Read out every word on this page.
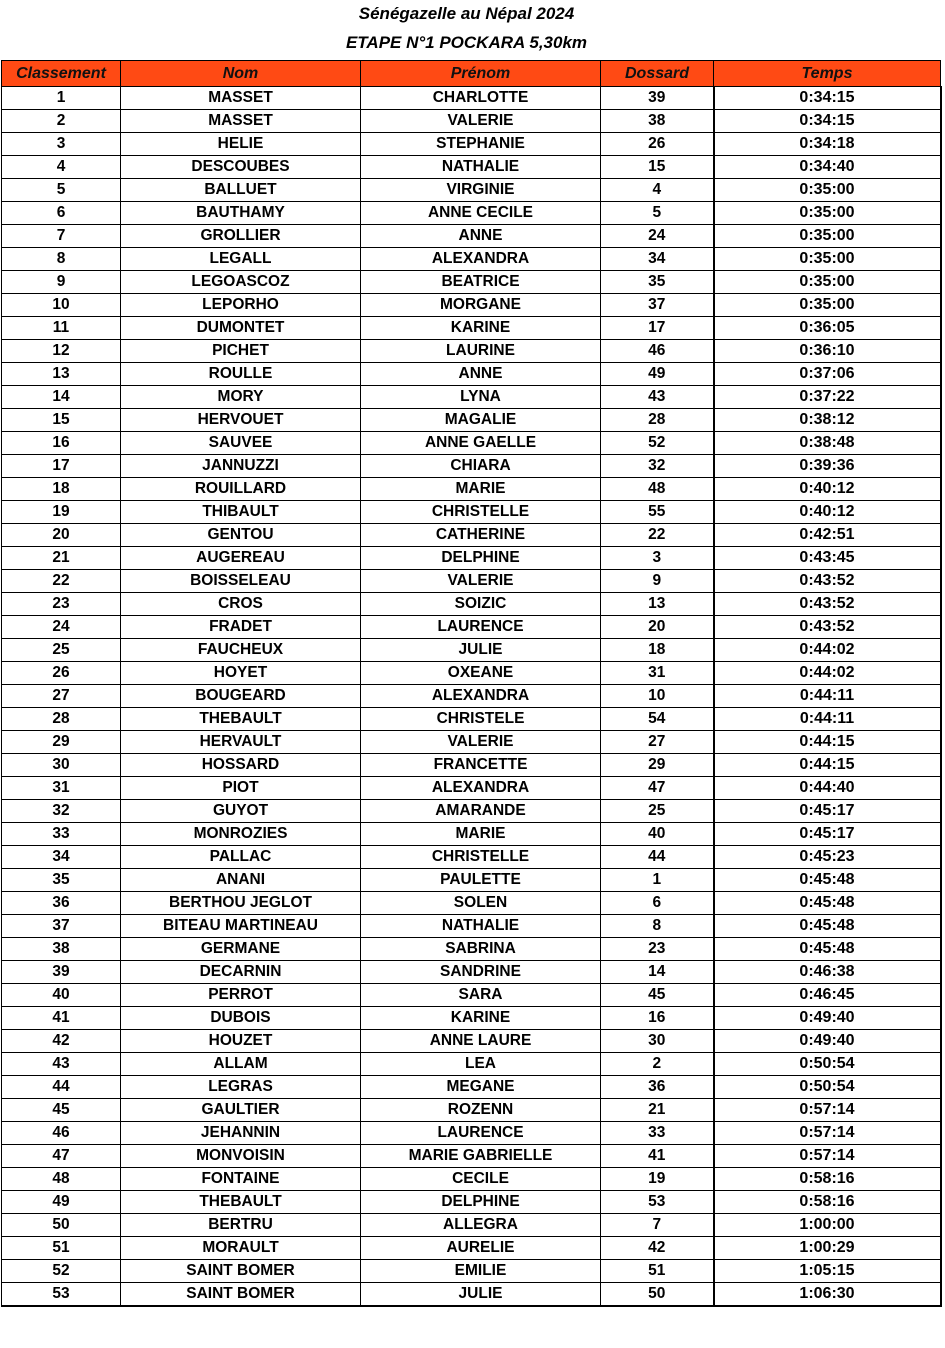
Sénégazelle au Népal 2024
ETAPE N°1 POCKARA 5,30km
Classement	Nom	Prénom	Dossard	Temps
1	MASSET	CHARLOTTE	39	0:34:15
2	MASSET	VALERIE	38	0:34:15
3	HELIE	STEPHANIE	26	0:34:18
4	DESCOUBES	NATHALIE	15	0:34:40
5	BALLUET	VIRGINIE	4	0:35:00
6	BAUTHAMY	ANNE CECILE	5	0:35:00
7	GROLLIER	ANNE	24	0:35:00
8	LEGALL	ALEXANDRA	34	0:35:00
9	LEGOASCOZ	BEATRICE	35	0:35:00
10	LEPORHO	MORGANE	37	0:35:00
11	DUMONTET	KARINE	17	0:36:05
12	PICHET	LAURINE	46	0:36:10
13	ROULLE	ANNE	49	0:37:06
14	MORY	LYNA	43	0:37:22
15	HERVOUET	MAGALIE	28	0:38:12
16	SAUVEE	ANNE GAELLE	52	0:38:48
17	JANNUZZI	CHIARA	32	0:39:36
18	ROUILLARD	MARIE	48	0:40:12
19	THIBAULT	CHRISTELLE	55	0:40:12
20	GENTOU	CATHERINE	22	0:42:51
21	AUGEREAU	DELPHINE	3	0:43:45
22	BOISSELEAU	VALERIE	9	0:43:52
23	CROS	SOIZIC	13	0:43:52
24	FRADET	LAURENCE	20	0:43:52
25	FAUCHEUX	JULIE	18	0:44:02
26	HOYET	OXEANE	31	0:44:02
27	BOUGEARD	ALEXANDRA	10	0:44:11
28	THEBAULT	CHRISTELE	54	0:44:11
29	HERVAULT	VALERIE	27	0:44:15
30	HOSSARD	FRANCETTE	29	0:44:15
31	PIOT	ALEXANDRA	47	0:44:40
32	GUYOT	AMARANDE	25	0:45:17
33	MONROZIES	MARIE	40	0:45:17
34	PALLAC	CHRISTELLE	44	0:45:23
35	ANANI	PAULETTE	1	0:45:48
36	BERTHOU JEGLOT	SOLEN	6	0:45:48
37	BITEAU MARTINEAU	NATHALIE	8	0:45:48
38	GERMANE	SABRINA	23	0:45:48
39	DECARNIN	SANDRINE	14	0:46:38
40	PERROT	SARA	45	0:46:45
41	DUBOIS	KARINE	16	0:49:40
42	HOUZET	ANNE LAURE	30	0:49:40
43	ALLAM	LEA	2	0:50:54
44	LEGRAS	MEGANE	36	0:50:54
45	GAULTIER	ROZENN	21	0:57:14
46	JEHANNIN	LAURENCE	33	0:57:14
47	MONVOISIN	MARIE GABRIELLE	41	0:57:14
48	FONTAINE	CECILE	19	0:58:16
49	THEBAULT	DELPHINE	53	0:58:16
50	BERTRU	ALLEGRA	7	1:00:00
51	MORAULT	AURELIE	42	1:00:29
52	SAINT BOMER	EMILIE	51	1:05:15
53	SAINT BOMER	JULIE	50	1:06:30
